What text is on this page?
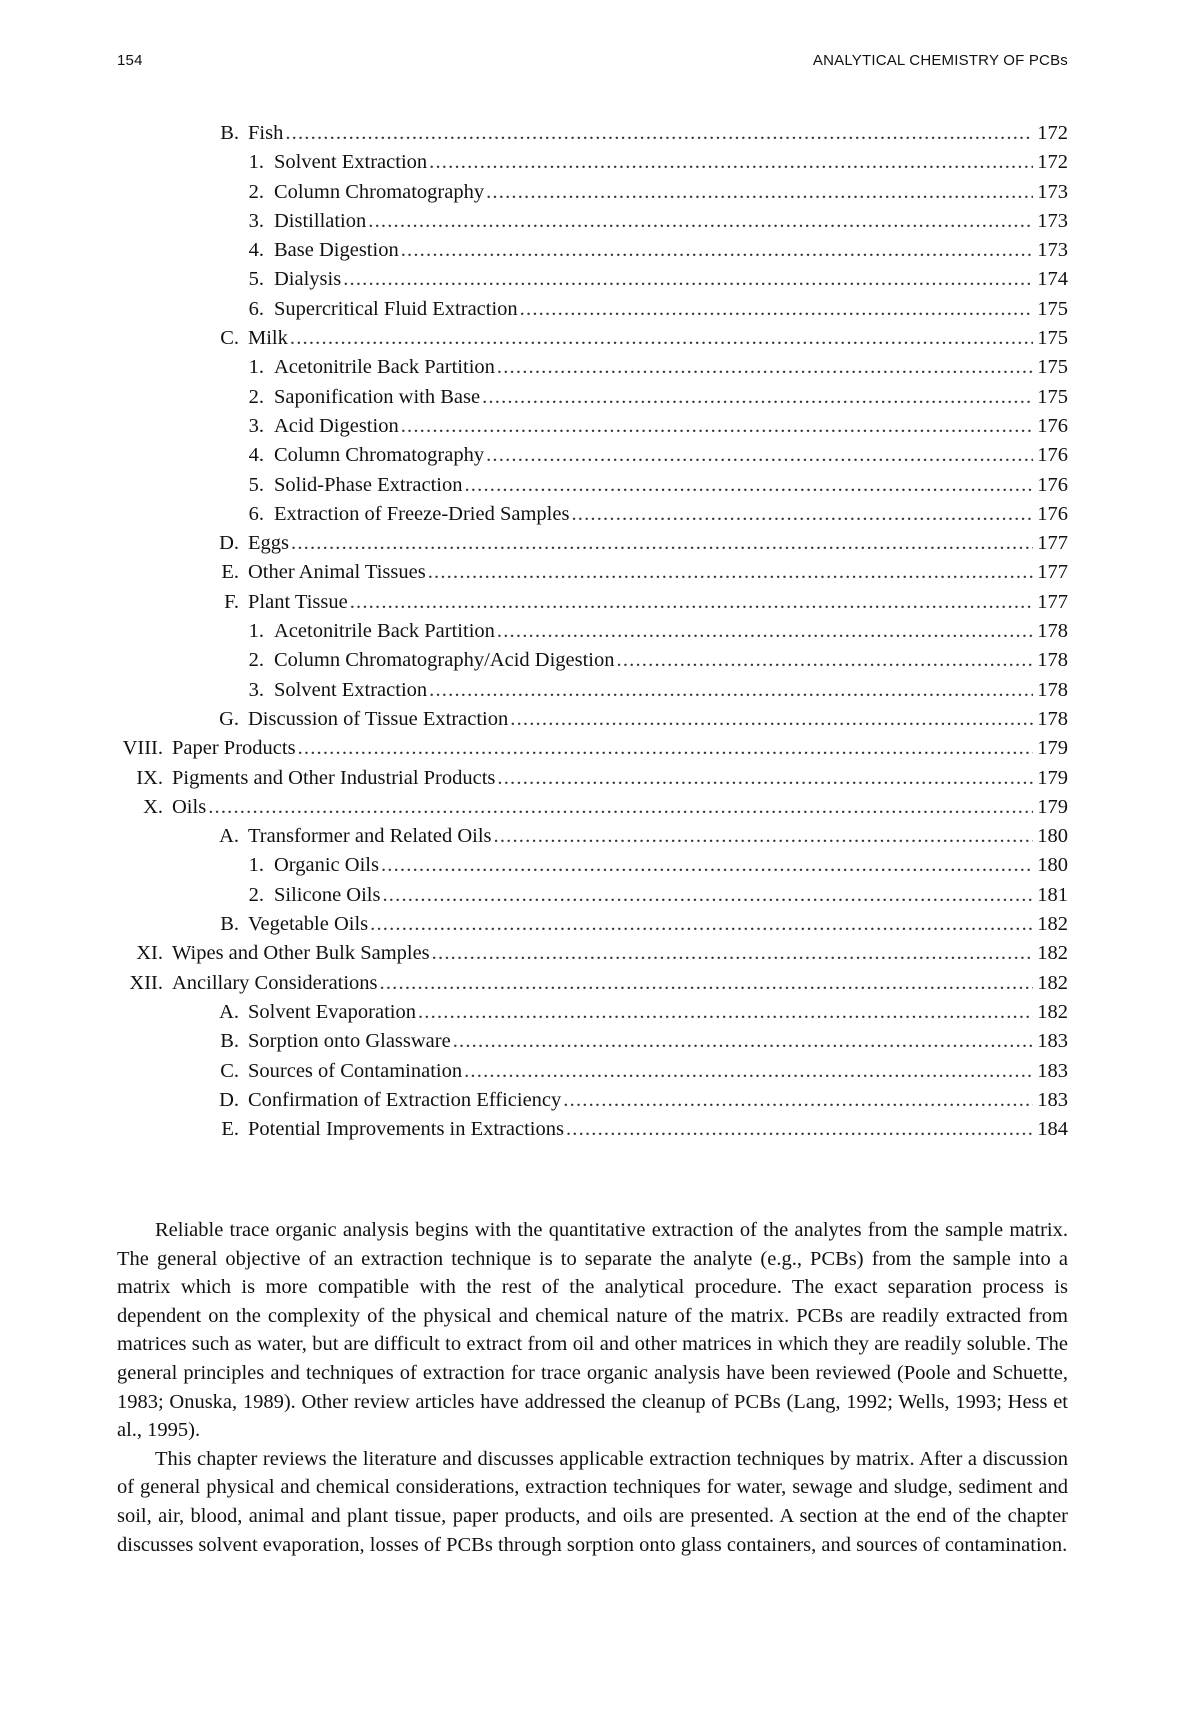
154	ANALYTICAL CHEMISTRY OF PCBs
B. Fish .....	172
1. Solvent Extraction .....	172
2. Column Chromatography .....	173
3. Distillation .....	173
4. Base Digestion .....	173
5. Dialysis .....	174
6. Supercritical Fluid Extraction .....	175
C. Milk .....	175
1. Acetonitrile Back Partition .....	175
2. Saponification with Base .....	175
3. Acid Digestion .....	176
4. Column Chromatography .....	176
5. Solid-Phase Extraction .....	176
6. Extraction of Freeze-Dried Samples .....	176
D. Eggs .....	177
E. Other Animal Tissues .....	177
F. Plant Tissue .....	177
1. Acetonitrile Back Partition .....	178
2. Column Chromatography/Acid Digestion .....	178
3. Solvent Extraction .....	178
G. Discussion of Tissue Extraction .....	178
VIII. Paper Products .....	179
IX. Pigments and Other Industrial Products .....	179
X. Oils .....	179
A. Transformer and Related Oils .....	180
1. Organic Oils .....	180
2. Silicone Oils .....	181
B. Vegetable Oils .....	182
XI. Wipes and Other Bulk Samples .....	182
XII. Ancillary Considerations .....	182
A. Solvent Evaporation .....	182
B. Sorption onto Glassware .....	183
C. Sources of Contamination .....	183
D. Confirmation of Extraction Efficiency .....	183
E. Potential Improvements in Extractions .....	184

Reliable trace organic analysis begins with the quantitative extraction of the analytes from the sample matrix. The general objective of an extraction technique is to separate the analyte (e.g., PCBs) from the sample into a matrix which is more compatible with the rest of the analytical procedure. The exact separation process is dependent on the complexity of the physical and chemical nature of the matrix. PCBs are readily extracted from matrices such as water, but are difficult to extract from oil and other matrices in which they are readily soluble. The general principles and techniques of extraction for trace organic analysis have been reviewed (Poole and Schuette, 1983; Onuska, 1989). Other review articles have addressed the cleanup of PCBs (Lang, 1992; Wells, 1993; Hess et al., 1995).

This chapter reviews the literature and discusses applicable extraction techniques by matrix. After a discussion of general physical and chemical considerations, extraction techniques for water, sewage and sludge, sediment and soil, air, blood, animal and plant tissue, paper products, and oils are presented. A section at the end of the chapter discusses solvent evaporation, losses of PCBs through sorption onto glass containers, and sources of contamination.
